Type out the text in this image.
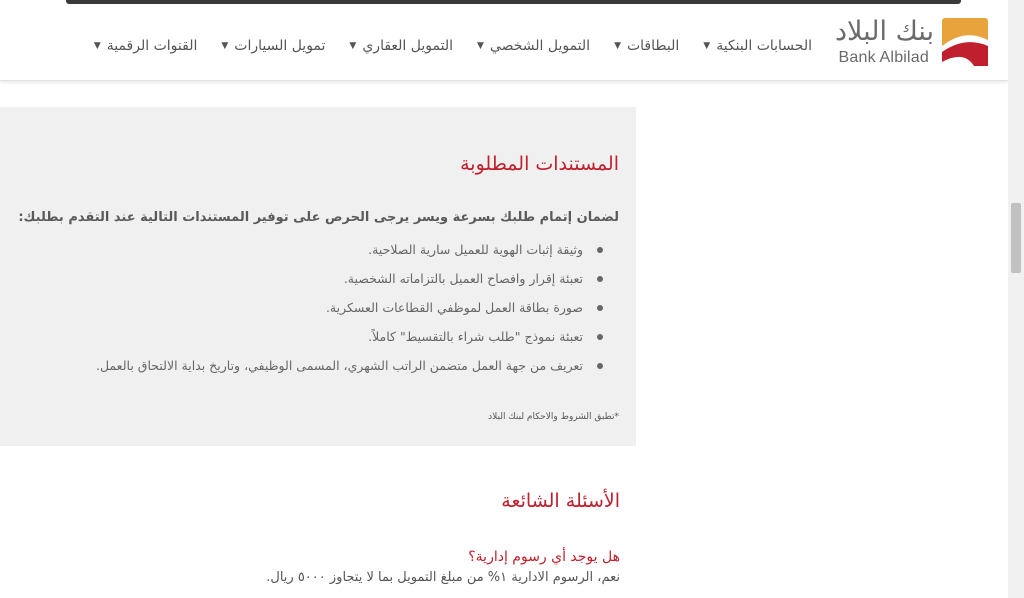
بنك البلاد
Bank Albilad
الحسابات البنكية
▼
البطاقات
▼
التمويل الشخصي
▼
التمويل العقاري
▼
تمويل السيارات
▼
القنوات الرقمية
▼
المستندات المطلوبة
لضمان إتمام طلبك بسرعة ويسر يرجى الحرص على توفير المستندات التالية عند التقدم بطلبك:
وثيقة إثبات الهوية للعميل سارية الصلاحية.
تعبئة إقرار وافصاح العميل بالتزاماته الشخصية.
صورة بطاقة العمل لموظفي القطاعات العسكرية.
تعبئة نموذج "طلب شراء بالتقسيط" كاملاً.
تعريف من جهة العمل متضمن الراتب الشهري، المسمى الوظيفي، وتاريخ بداية الالتحاق بالعمل.
*تطبق الشروط والاحكام لبنك البلاد
الأسئلة الشائعة
هل يوجد أي رسوم إدارية؟
نعم، الرسوم الادارية ١% من مبلغ التمويل بما لا يتجاوز ٥٠٠٠ ريال.
